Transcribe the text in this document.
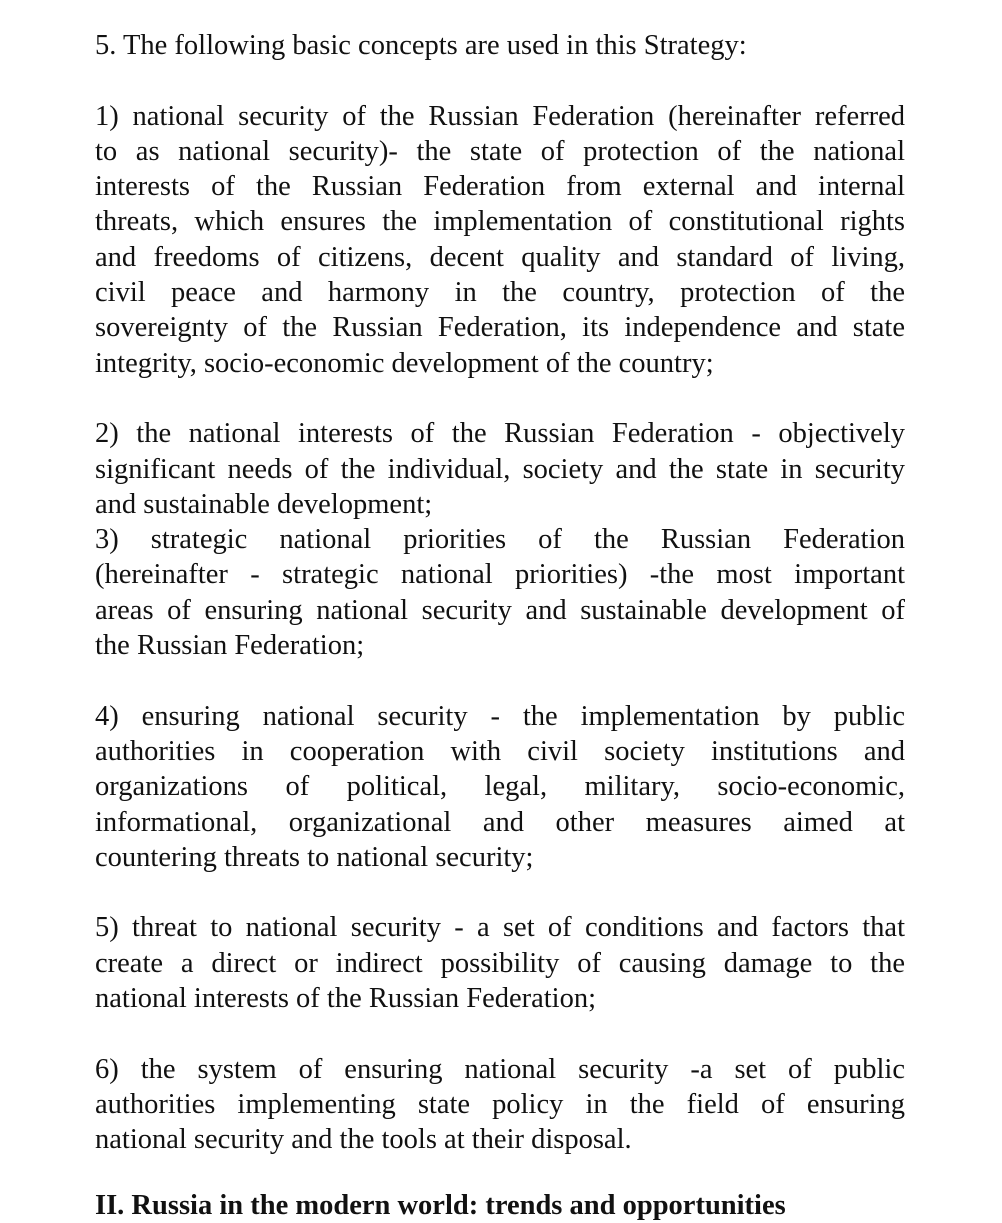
5. The following basic concepts are used in this Strategy:
1) national security of the Russian Federation (hereinafter referred
to as national security)- the state of protection of the national
interests of the Russian Federation from external and internal
threats, which ensures the implementation of constitutional rights
and freedoms of citizens, decent quality and standard of living,
civil peace and harmony in the country, protection of the
sovereignty of the Russian Federation, its independence and state
integrity, socio-economic development of the country;
2) the national interests of the Russian Federation - objectively
significant needs of the individual, society and the state in security
and sustainable development;
3) strategic national priorities of the Russian Federation
(hereinafter - strategic national priorities) -the most important
areas of ensuring national security and sustainable development of
the Russian Federation;
4) ensuring national security - the implementation by public
authorities in cooperation with civil society institutions and
organizations of political, legal, military, socio-economic,
informational, organizational and other measures aimed at
countering threats to national security;
5) threat to national security - a set of conditions and factors that
create a direct or indirect possibility of causing damage to the
national interests of the Russian Federation;
6) the system of ensuring national security -a set of public
authorities implementing state policy in the field of ensuring
national security and the tools at their disposal.
II. Russia in the modern world: trends and opportunities
